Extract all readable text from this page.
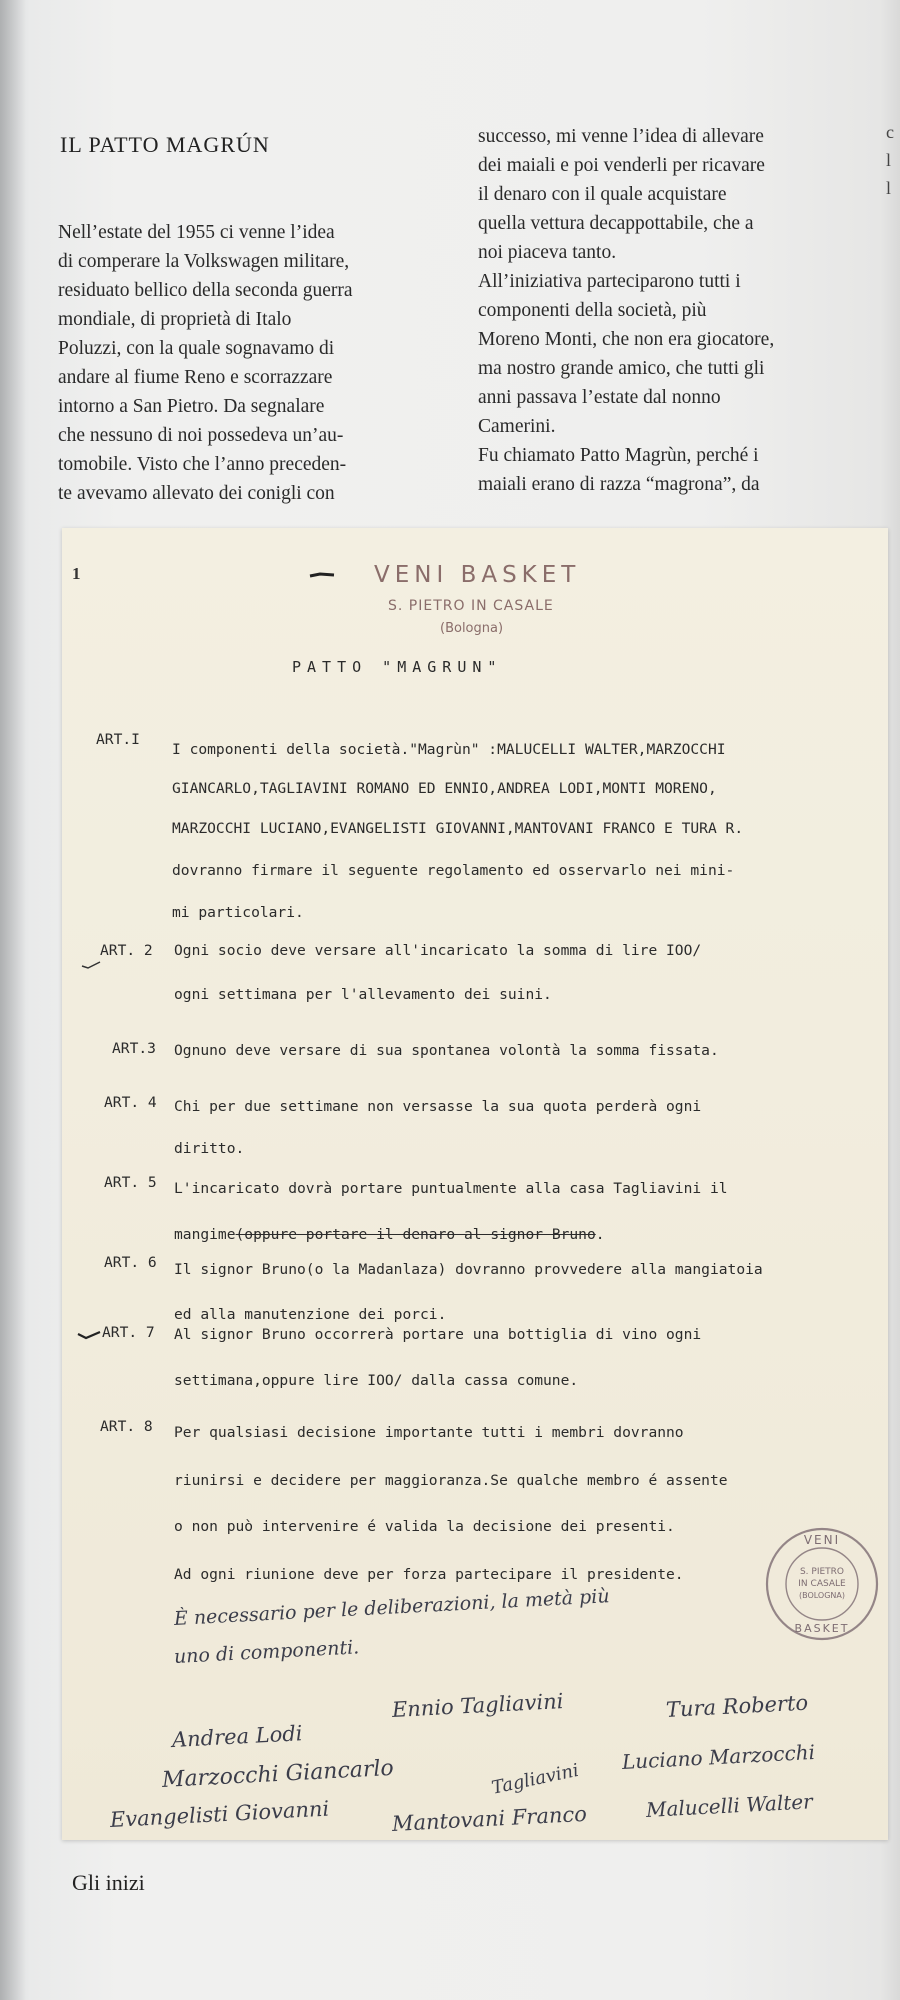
IL PATTO MAGRÚN
Nell’estate del 1955 ci venne l’idea
di comperare la Volkswagen militare,
residuato bellico della seconda guerra
mondiale, di proprietà di Italo
Poluzzi, con la quale sognavamo di
andare al fiume Reno e scorrazzare
intorno a San Pietro. Da segnalare
che nessuno di noi possedeva un’au-
tomobile. Visto che l’anno preceden-
te avevamo allevato dei conigli con
successo, mi venne l’idea di allevare
dei maiali e poi venderli per ricavare
il denaro con il quale acquistare
quella vettura decappottabile, che a
noi piaceva tanto.
All’iniziativa parteciparono tutti i
componenti della società, più
Moreno Monti, che non era giocatore,
ma nostro grande amico, che tutti gli
anni passava l’estate dal nonno
Camerini.
Fu chiamato Patto Magrùn, perché i
maiali erano di razza “magrona”, da
c
l
l
1	VENI BASKET
S. PIETRO IN CASALE
(Bologna)
PATTO "MAGRUN"
ART.I
I componenti della società."Magrùn" :MALUCELLI WALTER,MARZOCCHI
GIANCARLO,TAGLIAVINI ROMANO ED ENNIO,ANDREA LODI,MONTI MORENO,
MARZOCCHI LUCIANO,EVANGELISTI GIOVANNI,MANTOVANI FRANCO E TURA R.
dovranno firmare il seguente regolamento ed osservarlo nei mini-
mi particolari.
ART. 2 Ogni socio deve versare all'incaricato la somma di lire IOO/
ogni settimana per l'allevamento dei suini.
ART.3 Ognuno deve versare di sua spontanea volontà la somma fissata.
ART. 4 Chi per due settimane non versasse la sua quota perderà ogni
diritto.
ART. 5 L'incaricato dovrà portare puntualmente alla casa Tagliavini il
mangime(oppure portare il denaro al signor Bruno.
ART. 6 Il signor Bruno(o la Madanlaza) dovranno provvedere alla mangiatoia
ed alla manutenzione dei porci.
ART. 7 Al signor Bruno occorrerà portare una bottiglia di vino ogni
settimana,oppure lire IOO/ dalla cassa comune.
ART. 8 Per qualsiasi decisione importante tutti i membri dovranno
riunirsi e decidere per maggioranza.Se qualche membro é assente
o non può intervenire é valida la decisione dei presenti.
Ad ogni riunione deve per forza partecipare il presidente.
È necessario per le deliberazioni, la metà più
uno di componenti.
Ennio Tagliavini	Tura Roberto
Andrea Lodi
Marzocchi Giancarlo	Luciano Marzocchi
Tagliavini
Evangelisti Giovanni	Mantovani Franco	Malucelli Walter
VENI
S. PIETRO
IN CASALE
(BOLOGNA)
BASKET
Gli inizi
